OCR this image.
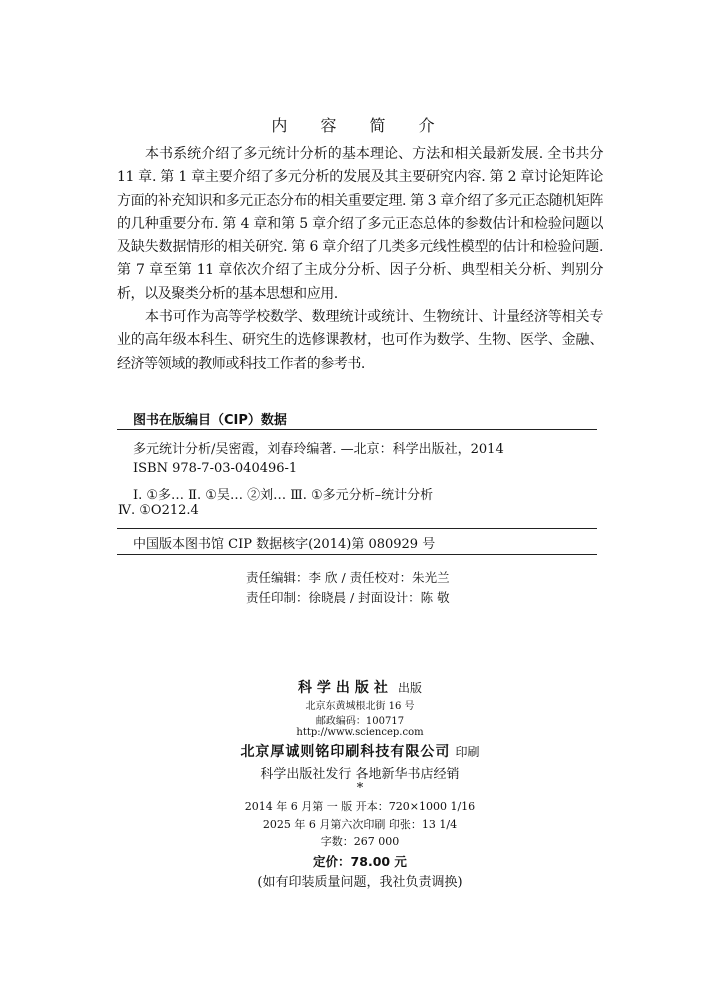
内 容 简 介

本书系统介绍了多元统计分析的基本理论、方法和相关最新发展. 全书共分 11 章. 第 1 章主要介绍了多元分析的发展及其主要研究内容. 第 2 章讨论矩阵论方面的补充知识和多元正态分布的相关重要定理. 第 3 章介绍了多元正态随机矩阵的几种重要分布. 第 4 章和第 5 章介绍了多元正态总体的参数估计和检验问题以及缺失数据情形的相关研究. 第 6 章介绍了几类多元线性模型的估计和检验问题. 第 7 章至第 11 章依次介绍了主成分分析、因子分析、典型相关分析、判别分析，以及聚类分析的基本思想和应用.

本书可作为高等学校数学、数理统计或统计、生物统计、计量经济等相关专业的高年级本科生、研究生的选修课教材，也可作为数学、生物、医学、金融、经济等领域的教师或科技工作者的参考书.

图书在版编目（CIP）数据
多元统计分析/吴密霞，刘春玲编著. —北京：科学出版社，2014
ISBN 978-7-03-040496-1
Ⅰ. ①多… Ⅱ. ①吴… ②刘… Ⅲ. ①多元分析–统计分析
Ⅳ. ①O212.4
中国版本图书馆 CIP 数据核字(2014)第 080929 号
责任编辑：李 欣 / 责任校对：朱光兰
责任印制：徐晓晨 / 封面设计：陈 敬
科学出版社 出版
北京东黄城根北街 16 号
邮政编码：100717
http://www.sciencep.com
北京厚诚则铭印刷科技有限公司 印刷
科学出版社发行 各地新华书店经销
*
2014 年 6 月第 一 版 开本：720×1000 1/16
2025 年 6 月第六次印刷 印张：13 1/4
字数：267 000
定价：78.00 元
(如有印装质量问题，我社负责调换)
